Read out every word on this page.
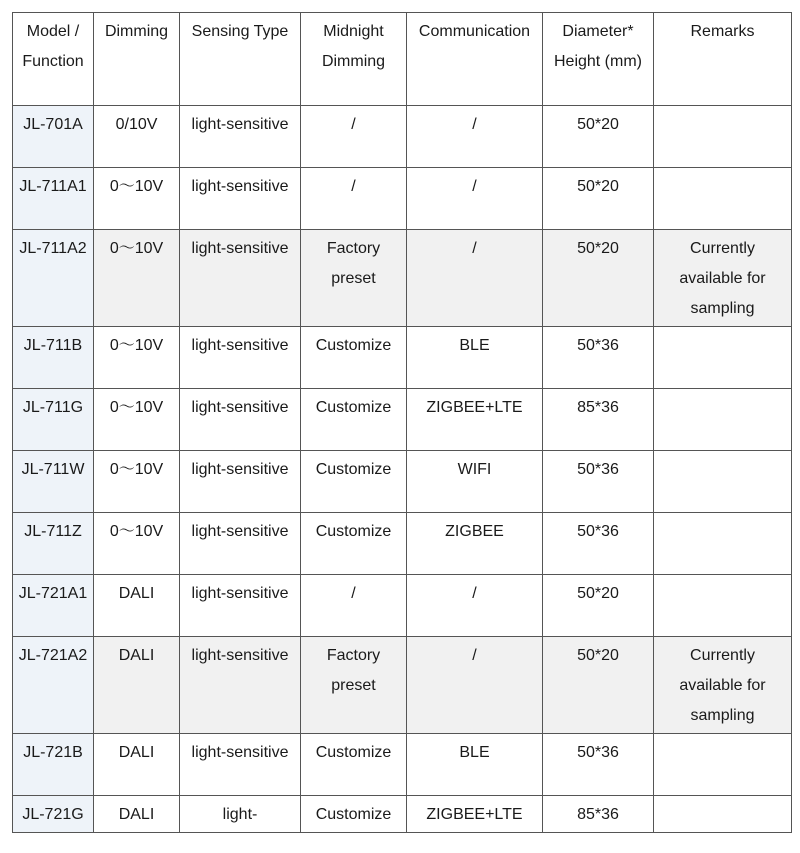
Model / Function	Dimming	Sensing Type	Midnight Dimming	Communication	Diameter* Height (mm)	Remarks
JL-701A	0/10V	light-sensitive	/	/	50*20	
JL-711A1	0～10V	light-sensitive	/	/	50*20	
JL-711A2	0～10V	light-sensitive	Factory preset	/	50*20	Currently available for sampling
JL-711B	0～10V	light-sensitive	Customize	BLE	50*36	
JL-711G	0～10V	light-sensitive	Customize	ZIGBEE+LTE	85*36	
JL-711W	0～10V	light-sensitive	Customize	WIFI	50*36	
JL-711Z	0～10V	light-sensitive	Customize	ZIGBEE	50*36	
JL-721A1	DALI	light-sensitive	/	/	50*20	
JL-721A2	DALI	light-sensitive	Factory preset	/	50*20	Currently available for sampling
JL-721B	DALI	light-sensitive	Customize	BLE	50*36	
JL-721G	DALI	light-	Customize	ZIGBEE+LTE	85*36	
